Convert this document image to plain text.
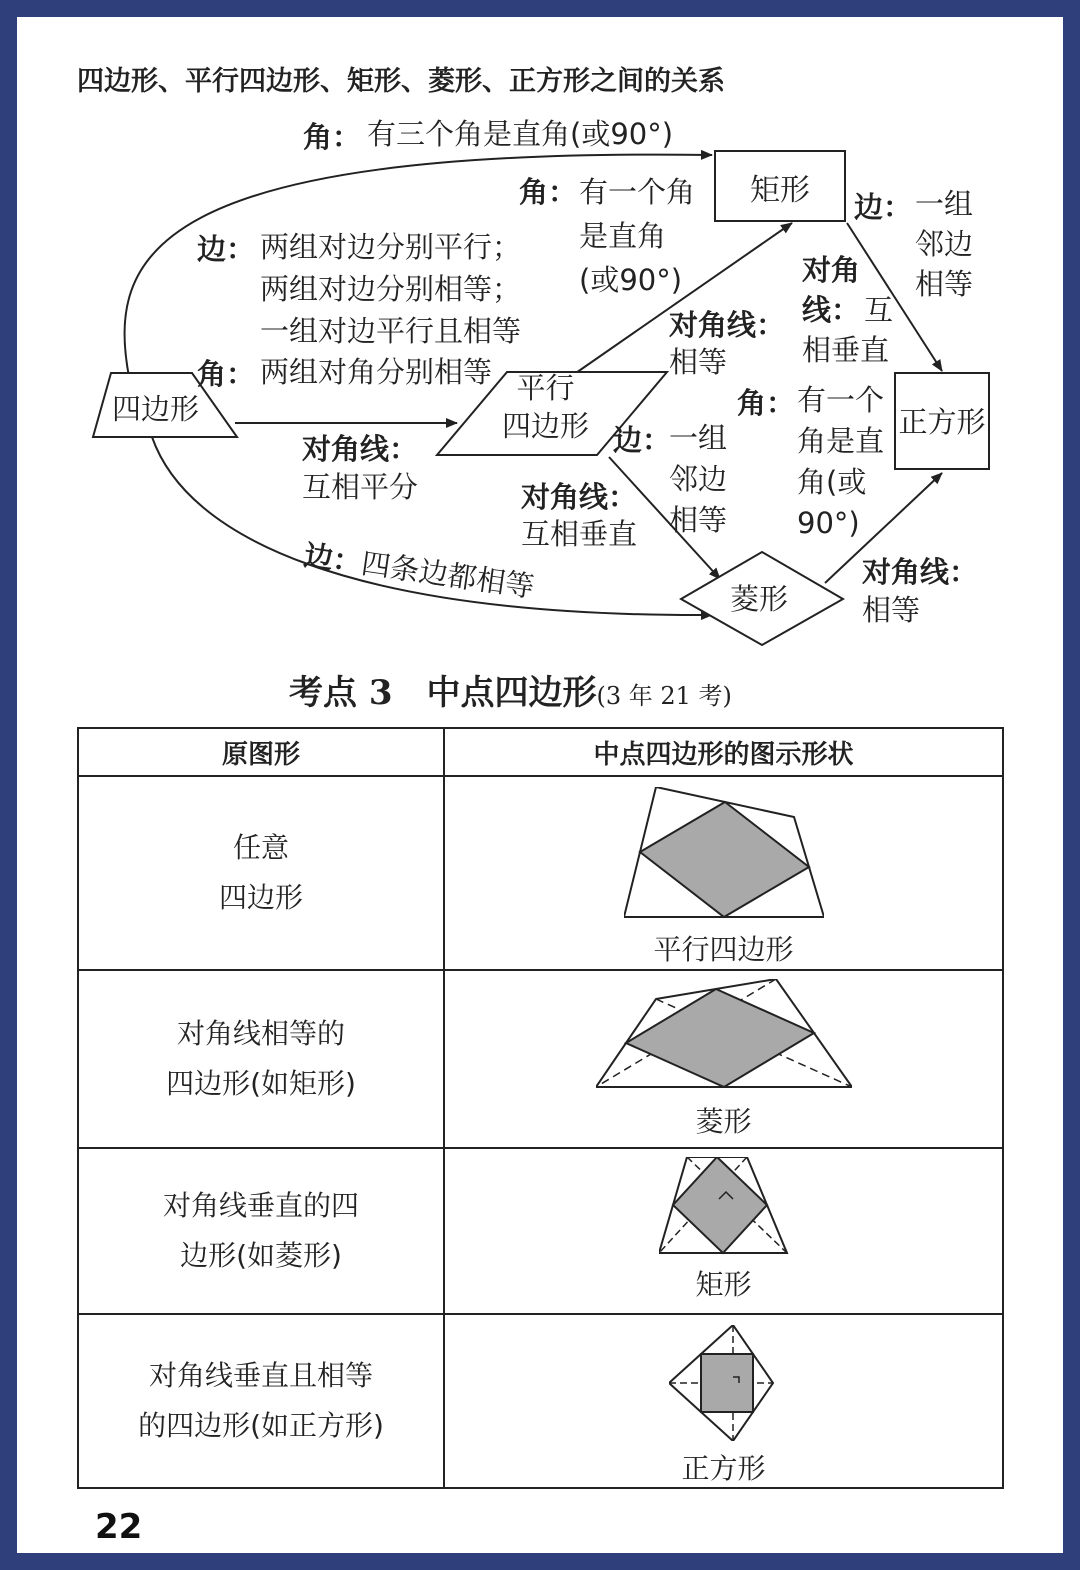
四边形、平行四边形、矩形、菱形、正方形之间的关系
矩形
正方形
四边形
平行
四边形
菱形
角： 有三个角是直角(或90°)
角： 有一个角
是直角
(或90°)
边： 两组对边分别平行；
两组对边分别相等；
一组对边平行且相等
角： 两组对角分别相等
对角线：
互相平分
对角线：
相等
边： 一组
邻边
相等
对角
线： 互
相垂直
角： 有一个
角是直
角(或
90°)
边：
一组
邻边
相等
对角线：
互相垂直
对角线：
相等
边：四条边都相等
考点 3　中点四边形(3 年 21 考)
原图形	中点四边形的图示形状
任意
四边形	平行四边形

对角线相等的
四边形(如矩形)	菱形

对角线垂直的四
边形(如菱形)	矩形

对角线垂直且相等
的四边形(如正方形)	正方形
22
